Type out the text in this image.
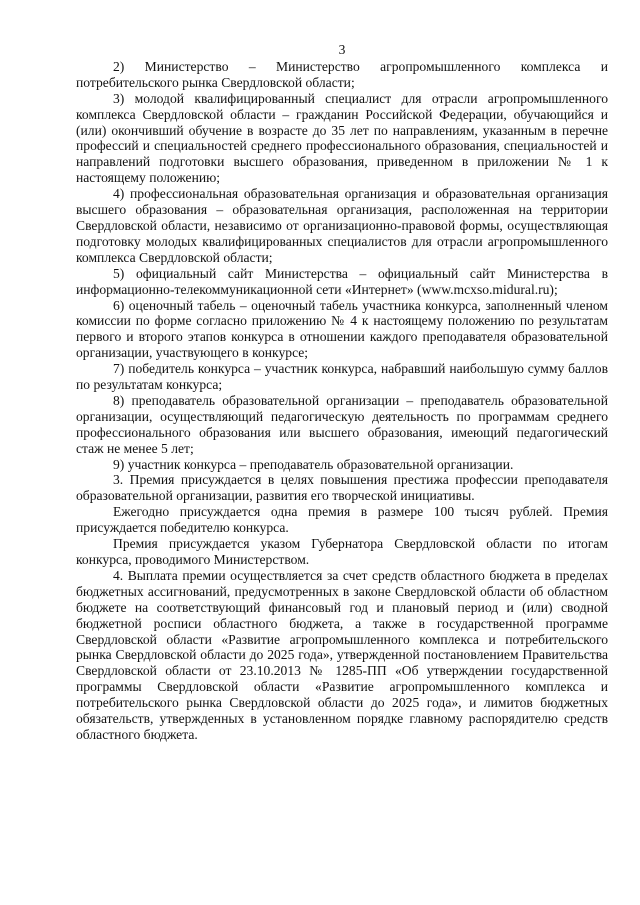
3

2) Министерство – Министерство агропромышленного комплекса и потребительского рынка Свердловской области;

3) молодой квалифицированный специалист для отрасли агропромышленного комплекса Свердловской области – гражданин Российской Федерации, обучающийся и (или) окончивший обучение в возрасте до 35 лет по направлениям, указанным в перечне профессий и специальностей среднего профессионального образования, специальностей и направлений подготовки высшего образования, приведенном в приложении № 1 к настоящему положению;

4) профессиональная образовательная организация и образовательная организация высшего образования – образовательная организация, расположенная на территории Свердловской области, независимо от организационно-правовой формы, осуществляющая подготовку молодых квалифицированных специалистов для отрасли агропромышленного комплекса Свердловской области;

5) официальный сайт Министерства – официальный сайт Министерства в информационно-телекоммуникационной сети «Интернет» (www.mcxso.midural.ru);

6) оценочный табель – оценочный табель участника конкурса, заполненный членом комиссии по форме согласно приложению № 4 к настоящему положению по результатам первого и второго этапов конкурса в отношении каждого преподавателя образовательной организации, участвующего в конкурсе;

7) победитель конкурса – участник конкурса, набравший наибольшую сумму баллов по результатам конкурса;

8) преподаватель образовательной организации – преподаватель образовательной организации, осуществляющий педагогическую деятельность по программам среднего профессионального образования или высшего образования, имеющий педагогический стаж не менее 5 лет;

9) участник конкурса – преподаватель образовательной организации.

3. Премия присуждается в целях повышения престижа профессии преподавателя образовательной организации, развития его творческой инициативы.

Ежегодно присуждается одна премия в размере 100 тысяч рублей. Премия присуждается победителю конкурса.

Премия присуждается указом Губернатора Свердловской области по итогам конкурса, проводимого Министерством.

4. Выплата премии осуществляется за счет средств областного бюджета в пределах бюджетных ассигнований, предусмотренных в законе Свердловской области об областном бюджете на соответствующий финансовый год и плановый период и (или) сводной бюджетной росписи областного бюджета, а также в государственной программе Свердловской области «Развитие агропромышленного комплекса и потребительского рынка Свердловской области до 2025 года», утвержденной постановлением Правительства Свердловской области от 23.10.2013 № 1285-ПП «Об утверждении государственной программы Свердловской области «Развитие агропромышленного комплекса и потребительского рынка Свердловской области до 2025 года», и лимитов бюджетных обязательств, утвержденных в установленном порядке главному распорядителю средств областного бюджета.
